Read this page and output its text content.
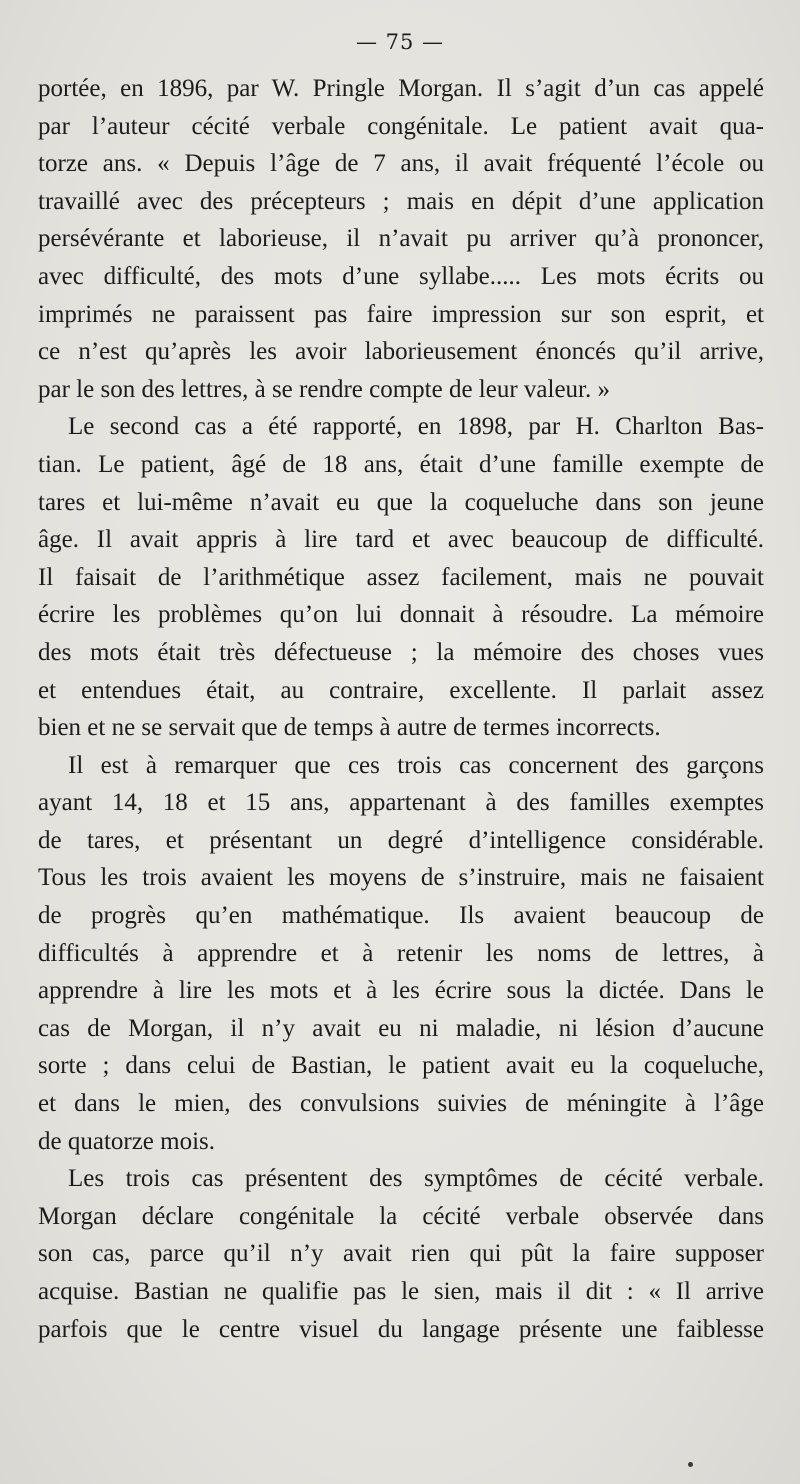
— 75 —
portée, en 1896, par W. Pringle Morgan. Il s’agit d’un cas appelé
par l’auteur cécité verbale congénitale. Le patient avait qua-
torze ans. « Depuis l’âge de 7 ans, il avait fréquenté l’école ou
travaillé avec des précepteurs ; mais en dépit d’une application
persévérante et laborieuse, il n’avait pu arriver qu’à prononcer,
avec difficulté, des mots d’une syllabe..... Les mots écrits ou
imprimés ne paraissent pas faire impression sur son esprit, et
ce n’est qu’après les avoir laborieusement énoncés qu’il arrive,
par le son des lettres, à se rendre compte de leur valeur. »
Le second cas a été rapporté, en 1898, par H. Charlton Bas-
tian. Le patient, âgé de 18 ans, était d’une famille exempte de
tares et lui-même n’avait eu que la coqueluche dans son jeune
âge. Il avait appris à lire tard et avec beaucoup de difficulté.
Il faisait de l’arithmétique assez facilement, mais ne pouvait
écrire les problèmes qu’on lui donnait à résoudre. La mémoire
des mots était très défectueuse ; la mémoire des choses vues
et entendues était, au contraire, excellente. Il parlait assez
bien et ne se servait que de temps à autre de termes incorrects.
Il est à remarquer que ces trois cas concernent des garçons
ayant 14, 18 et 15 ans, appartenant à des familles exemptes
de tares, et présentant un degré d’intelligence considérable.
Tous les trois avaient les moyens de s’instruire, mais ne faisaient
de progrès qu’en mathématique. Ils avaient beaucoup de
difficultés à apprendre et à retenir les noms de lettres, à
apprendre à lire les mots et à les écrire sous la dictée. Dans le
cas de Morgan, il n’y avait eu ni maladie, ni lésion d’aucune
sorte ; dans celui de Bastian, le patient avait eu la coqueluche,
et dans le mien, des convulsions suivies de méningite à l’âge
de quatorze mois.
Les trois cas présentent des symptômes de cécité verbale.
Morgan déclare congénitale la cécité verbale observée dans
son cas, parce qu’il n’y avait rien qui pût la faire supposer
acquise. Bastian ne qualifie pas le sien, mais il dit : « Il arrive
parfois que le centre visuel du langage présente une faiblesse
